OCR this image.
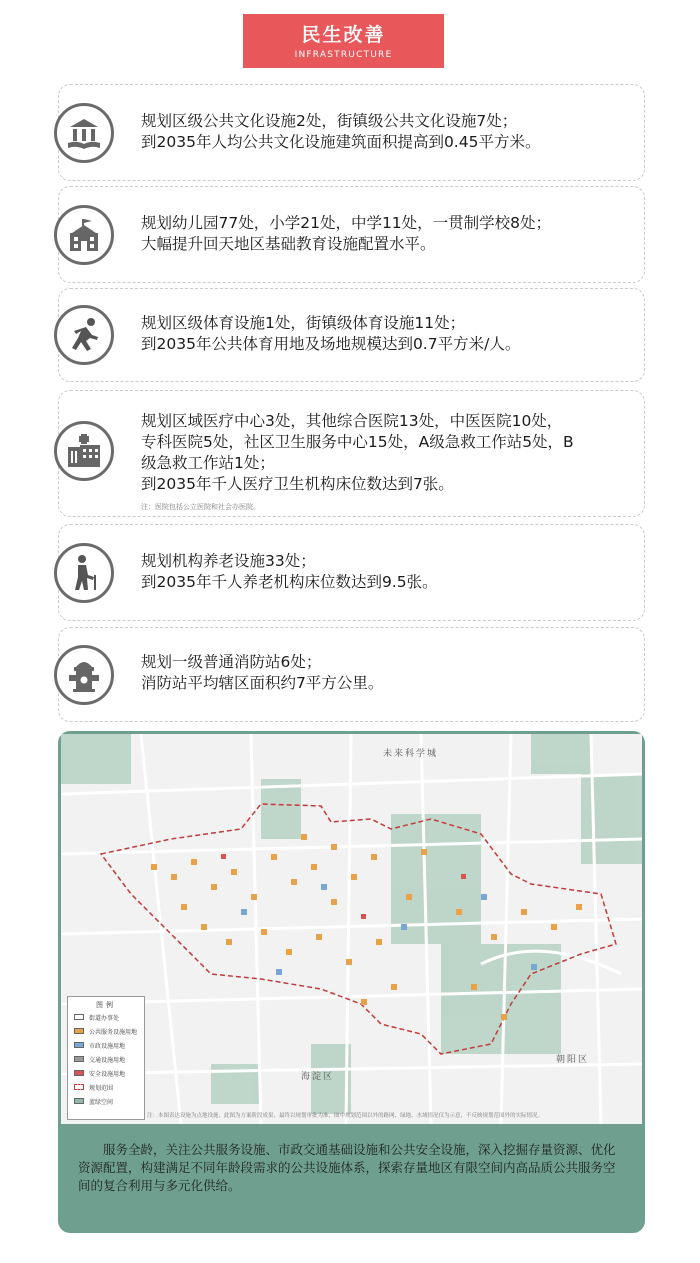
民生改善
INFRASTRUCTURE
规划区级公共文化设施2处，街镇级公共文化设施7处；
到2035年人均公共文化设施建筑面积提高到0.45平方米。
规划幼儿园77处，小学21处，中学11处，一贯制学校8处；
大幅提升回天地区基础教育设施配置水平。
规划区级体育设施1处，街镇级体育设施11处；
到2035年公共体育用地及场地规模达到0.7平方米/人。
规划区域医疗中心3处，其他综合医院13处，中医医院10处，
专科医院5处，社区卫生服务中心15处，A级急救工作站5处，B
级急救工作站1处；
到2035年千人医疗卫生机构床位数达到7张。
注：医院包括公立医院和社会办医院。
规划机构养老设施33处；
到2035年千人养老机构床位数达到9.5张。
规划一级普通消防站6处；
消防站平均辖区面积约7平方公里。
未来科学城
海淀区
朝阳区
图例
街道办事处
公共服务设施用地
市政设施用地
交通设施用地
安全设施用地
规划范围
蓝绿空间
注：本图表达设施为点地设施，此图为方案阶段成果，最终以规划审批为准，图中规划范围以外的路网、绿地、水域情况仅为示意，不反映规划范围外的实际情况。
服务全龄，关注公共服务设施、市政交通基础设施和公共安全设施，深入挖掘存量资源、优化资源配置，构建满足不同年龄段需求的公共设施体系，探索存量地区有限空间内高品质公共服务空间的复合利用与多元化供给。
